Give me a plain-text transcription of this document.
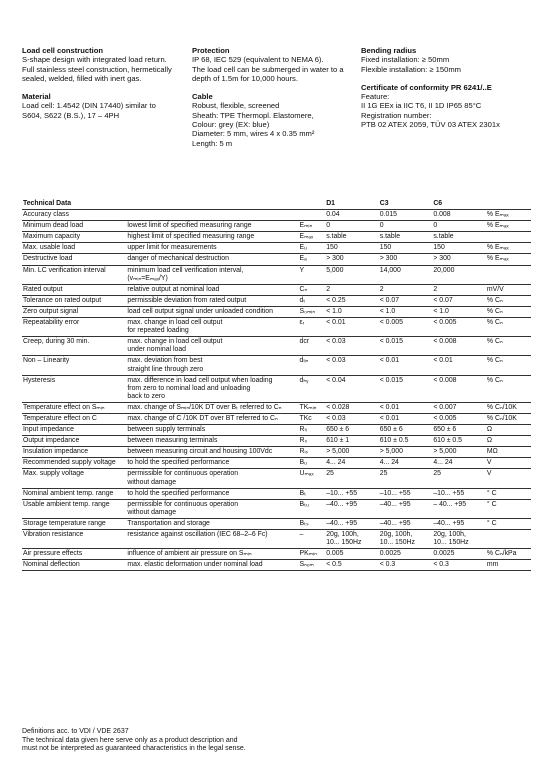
Load cell construction
S-shape design with integrated load return.
Full stainless steel construction, hermetically
sealed, welded, filled with inert gas.
Material
Load cell: 1.4542 (DIN 17440) similar to
S604, S622 (B.S.), 17 – 4PH
Protection
IP 68, IEC 529 (equivalent to NEMA 6).
The load cell can be submerged in water to a
depth of 1.5m for 10,000 hours.
Cable
Robust, flexible, screened
Sheath: TPE Thermopl. Elastomere,
Colour: grey (EX: blue)
Diameter: 5 mm, wires 4 x 0.35 mm²
Length: 5 m
Bending radius
Fixed installation: ≥ 50mm
Flexible installation: ≥ 150mm
Certificate of conformity PR 6241/..E
Feature:
II 1G EEx ia IIC T6, II 1D IP65 85°C
Registration number:
PTB 02 ATEX 2059, TÜV 03 ATEX 2301x
Technical Data			D1	C3	C6	
Accuracy class			0.04	0.015	0.008	% Eₘₐₓ
Minimum dead load	lowest limit of specified measuring range	Eₘᵢₙ	0	0	0	% Eₘₐₓ
Maximum capacity	highest limit of specified measuring range	Eₘₐₓ	s.table	s.table	s.table	
Max. usable load	upper limit for measurements	Eᵤ	150	150	150	% Eₘₐₓ
Destructive load	danger of mechanical destruction	Eₐ	> 300	> 300	> 300	% Eₘₐₓ
Min. LC verification interval	minimum load cell verification interval,
(vₘᵢₙ=Eₘₐₓ/Y)	Y	5,000	14,000	20,000	
Rated output	relative output at nominal load	Cₙ	2	2	2	mV/V
Tolerance on rated output	permissible deviation from rated output	dₜ	< 0.25	< 0.07	< 0.07	% Cₙ
Zero output signal	load cell output signal under unloaded condition	S₀ₘᵢₙ	< 1.0	< 1.0	< 1.0	% Cₙ
Repeatability error	max. change in load cell output
for repeated loading	εᵣ	< 0.01	< 0.005	< 0.005	% Cₙ
Creep, during 30 min.	max. change in load cell output
under nominal load	dcr	< 0.03	< 0.015	< 0.008	% Cₙ
Non – Linearity	max. deviation from best
straight line through zero	dₗᵢₙ	< 0.03	< 0.01	< 0.01	% Cₙ
Hysteresis	max. difference in load cell output when loading
from zero to nominal load and unloading
back to zero	dₕᵧ	< 0.04	< 0.015	< 0.008	% Cₙ
Temperature effect on Sₘᵢₙ	max. change of Sₘᵢₙ/10K DT over Bₜ referred to Cₙ	TKₘᵢₙ	< 0.028	< 0.01	< 0.007	% Cₙ/10K
Temperature effect on C	max. change of C /10K DT over BT referred to Cₙ	TKc	< 0.03	< 0.01	< 0.005	% Cₙ/10K
Input impedance	between supply terminals	Rₗᵢ	650 ± 6	650 ± 6	650 ± 6	Ω
Output impedance	between measuring terminals	R₀	610 ± 1	610 ± 0.5	610 ± 0.5	Ω
Insulation impedance	between measuring circuit and housing 100Vdc	Rᵢₛ	> 5,000	> 5,000	> 5,000	MΩ
Recommended supply voltage	to hold the specified performance	Bᵤ	4... 24	4... 24	4... 24	V
Max. supply voltage	permissible for continuous operation
without damage	Uₘₐₓ	25	25	25	V
Nominal ambient temp. range	to hold the specified performance	Bₜ	–10... +55	–10... +55	–10... +55	° C
Usable ambient temp. range	permissible for continuous operation
without damage	Bₜᵤ	–40... +95	–40... +95	– 40... +95	° C
Storage temperature range	Transportation and storage	Bₜₛ	–40... +95	–40... +95	–40... +95	° C
Vibration resistance	resistance against oscillation (IEC 68–2–6 Fc)	–	20g, 100h,
10... 150Hz	20g, 100h,
10... 150Hz	20g, 100h,
10... 150Hz	
Air pressure effects	influence of ambient air pressure on Sₘᵢₙ	PKₘᵢₙ	0.005	0.0025	0.0025	% Cₙ/kPa
Nominal deflection	max. elastic deformation under nominal load	Sₙₒₘ	< 0.5	< 0.3	< 0.3	mm
Definitions acc. to VDI / VDE 2637
The technical data given here serve only as a product description and
must not be interpreted as guaranteed characteristics in the legal sense.
